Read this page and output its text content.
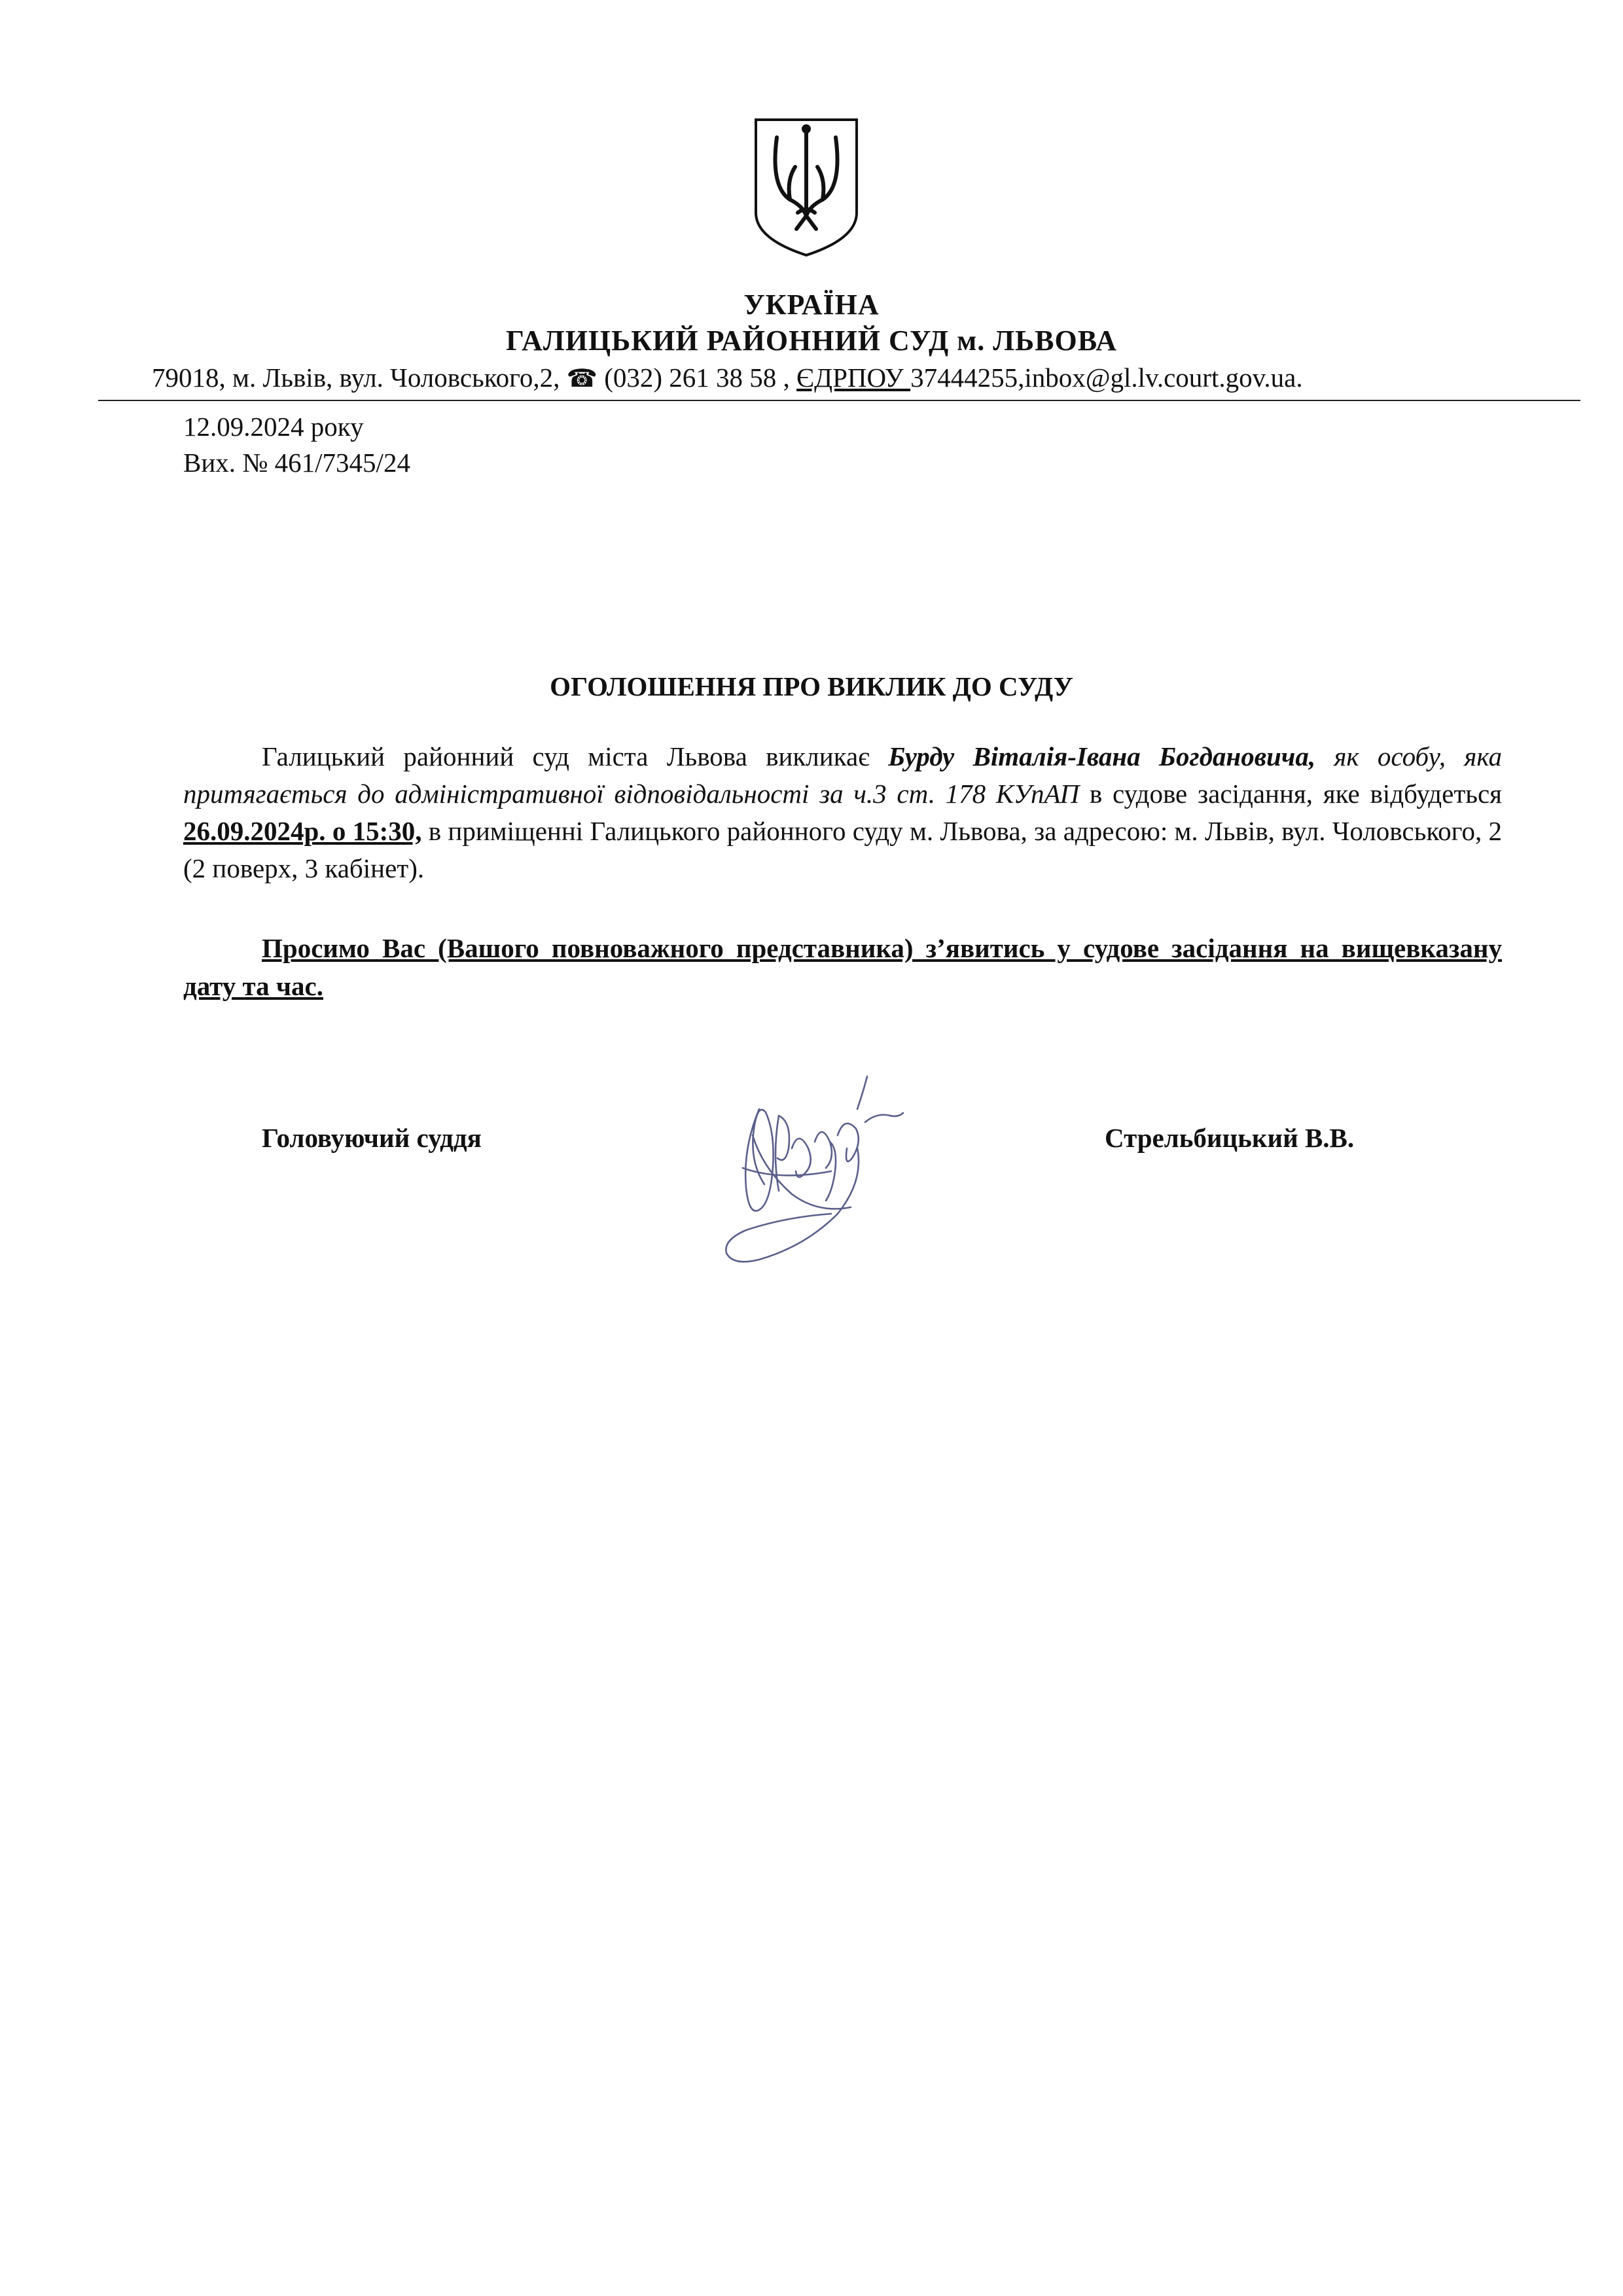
УКРАЇНА
ГАЛИЦЬКИЙ РАЙОННИЙ СУД м. ЛЬВОВА
79018, м. Львів, вул. Чоловського,2, ☎ (032) 261 38 58 , ЄДРПОУ 37444255,inbox@gl.lv.court.gov.ua.
12.09.2024 року
Вих. № 461/7345/24
ОГОЛОШЕННЯ ПРО ВИКЛИК ДО СУДУ
Галицький районний суд міста Львова викликає Бурду Віталія-Івана Богдановича, як особу, яка притягається до адміністративної відповідальності за ч.3 ст. 178 КУпАП в судове засідання, яке відбудеться 26.09.2024р. о 15:30, в приміщенні Галицького районного суду м. Львова, за адресою: м. Львів, вул. Чоловського, 2 (2 поверх, 3 кабінет).
Просимо Вас (Вашого повноважного представника) з’явитись у судове засідання на вищевказану дату та час.
Головуючий суддя	Стрельбицький В.В.
